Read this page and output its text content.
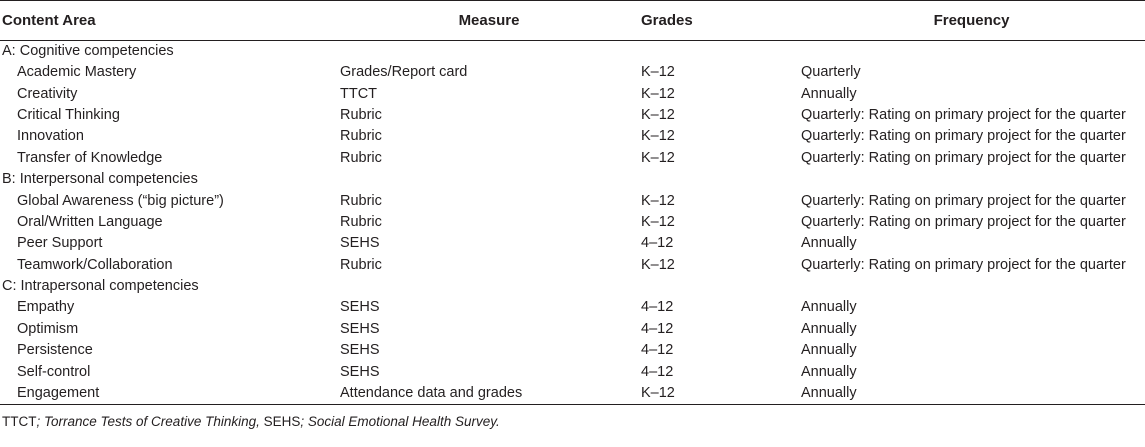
Content Area	Measure	Grades	Frequency
A: Cognitive competencies			
Academic Mastery	Grades/Report card	K–12	Quarterly
Creativity	TTCT	K–12	Annually
Critical Thinking	Rubric	K–12	Quarterly: Rating on primary project for the quarter
Innovation	Rubric	K–12	Quarterly: Rating on primary project for the quarter
Transfer of Knowledge	Rubric	K–12	Quarterly: Rating on primary project for the quarter
B: Interpersonal competencies			
Global Awareness (“big picture”)	Rubric	K–12	Quarterly: Rating on primary project for the quarter
Oral/Written Language	Rubric	K–12	Quarterly: Rating on primary project for the quarter
Peer Support	SEHS	4–12	Annually
Teamwork/Collaboration	Rubric	K–12	Quarterly: Rating on primary project for the quarter
C: Intrapersonal competencies			
Empathy	SEHS	4–12	Annually
Optimism	SEHS	4–12	Annually
Persistence	SEHS	4–12	Annually
Self-control	SEHS	4–12	Annually
Engagement	Attendance data and grades	K–12	Annually
TTCT; Torrance Tests of Creative Thinking, SEHS; Social Emotional Health Survey.
